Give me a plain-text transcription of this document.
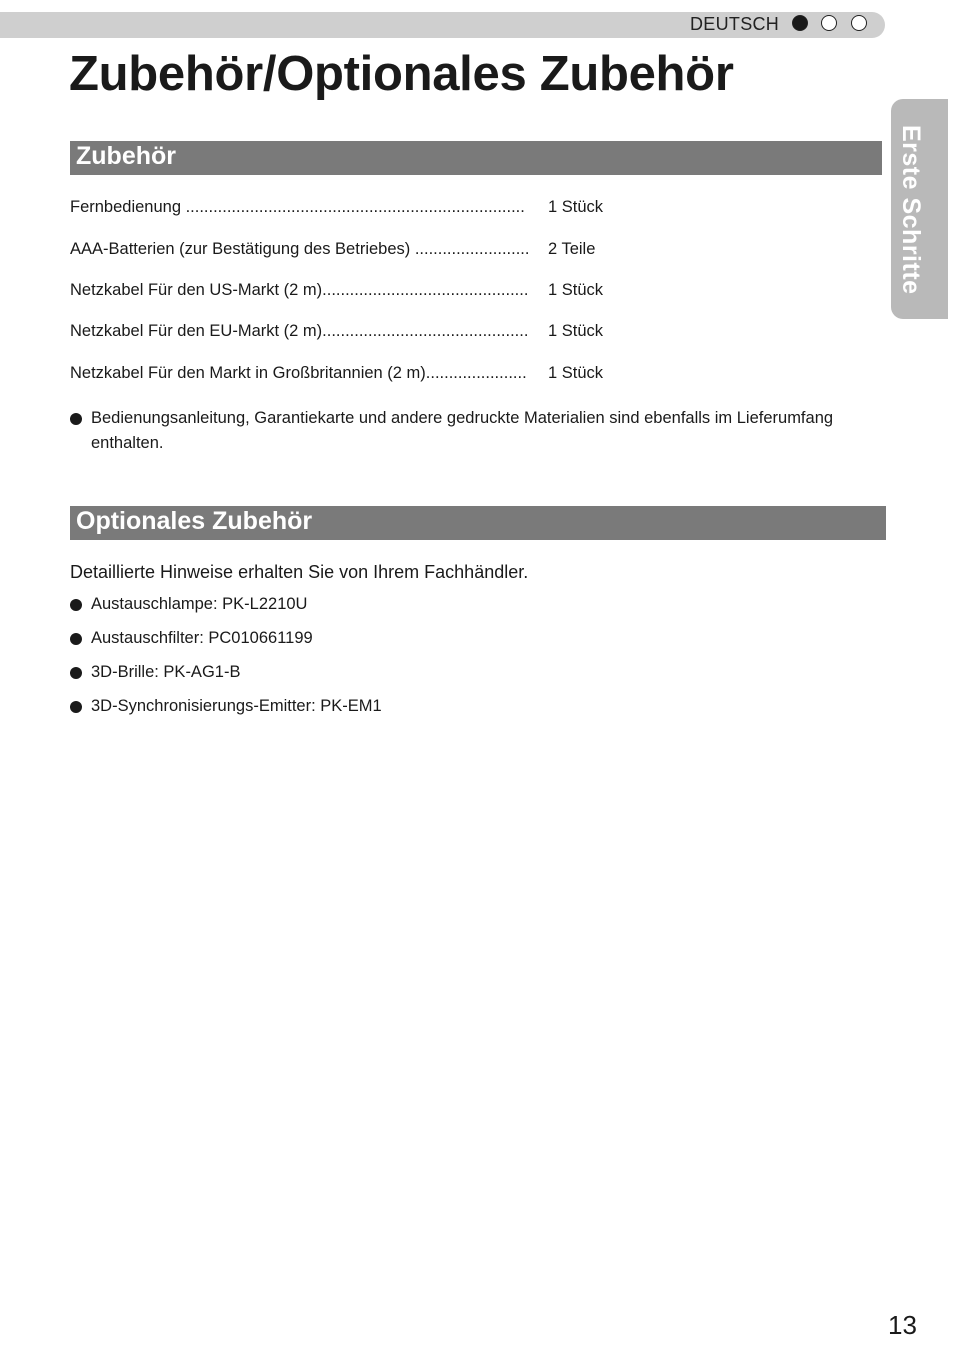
DEUTSCH
Zubehör/Optionales Zubehör
Erste Schritte
Zubehör
Fernbedienung .......................................................................... 1 Stück
AAA-Batterien (zur Bestätigung des Betriebes) ......................... 2 Teile
Netzkabel Für den US-Markt (2 m)............................................. 1 Stück
Netzkabel Für den EU-Markt (2 m)............................................. 1 Stück
Netzkabel Für den Markt in Großbritannien (2 m)...................... 1 Stück
Bedienungsanleitung, Garantiekarte und andere gedruckte Materialien sind ebenfalls im Lieferumfang enthalten.
Optionales Zubehör
Detaillierte Hinweise erhalten Sie von Ihrem Fachhändler.
Austauschlampe: PK-L2210U
Austauschfilter: PC010661199
3D-Brille: PK-AG1-B
3D-Synchronisierungs-Emitter: PK-EM1
13
